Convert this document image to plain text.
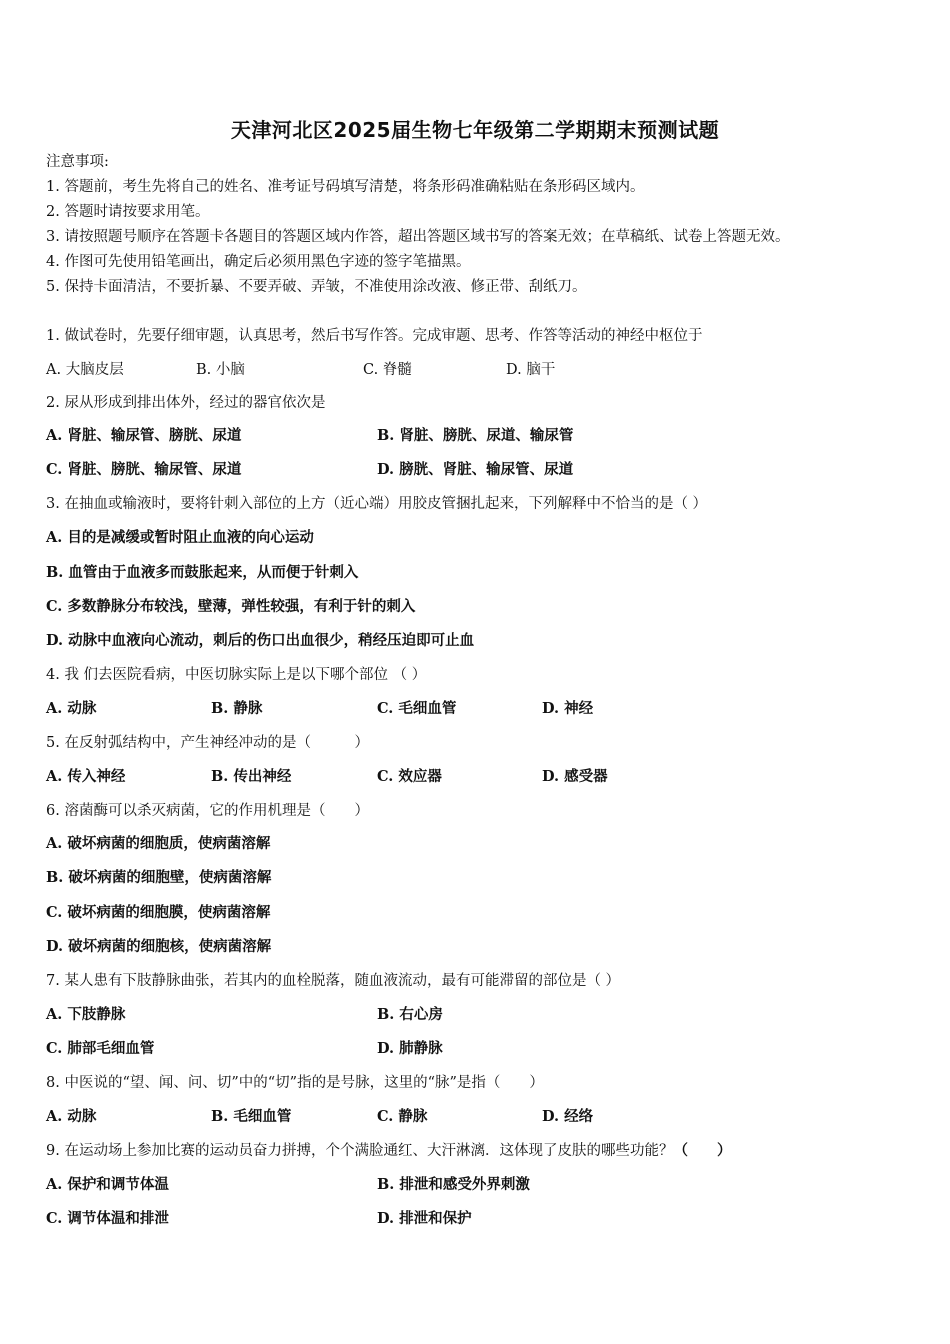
天津河北区2025届生物七年级第二学期期末预测试题
注意事项:
1. 答题前，考生先将自己的姓名、准考证号码填写清楚，将条形码准确粘贴在条形码区域内。
2. 答题时请按要求用笔。
3. 请按照题号顺序在答题卡各题目的答题区域内作答，超出答题区域书写的答案无效；在草稿纸、试卷上答题无效。
4. 作图可先使用铅笔画出，确定后必须用黑色字迹的签字笔描黑。
5. 保持卡面清洁，不要折暴、不要弄破、弄皱，不准使用涂改液、修正带、刮纸刀。
1. 做试卷时，先要仔细审题，认真思考，然后书写作答。完成审题、思考、作答等活动的神经中枢位于
A. 大脑皮层	B. 小脑	C. 脊髓	D. 脑干
2. 尿从形成到排出体外，经过的器官依次是
A. 肾脏、输尿管、膀胱、尿道	B. 肾脏、膀胱、尿道、输尿管
C. 肾脏、膀胱、输尿管、尿道	D. 膀胱、肾脏、输尿管、尿道
3. 在抽血或输液时，要将针刺入部位的上方（近心端）用胶皮管捆扎起来，下列解释中不恰当的是（ ）
A. 目的是减缓或暂时阻止血液的向心运动
B. 血管由于血液多而鼓胀起来，从而便于针刺入
C. 多数静脉分布较浅，壁薄，弹性较强，有利于针的刺入
D. 动脉中血液向心流动，刺后的伤口出血很少，稍经压迫即可止血
4. 我 们去医院看病，中医切脉实际上是以下哪个部位 （ ）
A. 动脉	B. 静脉	C. 毛细血管	D. 神经
5. 在反射弧结构中，产生神经冲动的是（　　　）
A. 传入神经	B. 传出神经	C. 效应器	D. 感受器
6. 溶菌酶可以杀灭病菌，它的作用机理是（　　）
A. 破坏病菌的细胞质，使病菌溶解
B. 破坏病菌的细胞壁，使病菌溶解
C. 破坏病菌的细胞膜，使病菌溶解
D. 破坏病菌的细胞核，使病菌溶解
7. 某人患有下肢静脉曲张，若其内的血栓脱落，随血液流动，最有可能滞留的部位是（ ）
A. 下肢静脉	B. 右心房
C. 肺部毛细血管	D. 肺静脉
8. 中医说的“望、闻、问、切”中的“切”指的是号脉，这里的“脉”是指（　　）
A. 动脉	B. 毛细血管	C. 静脉	D. 经络
9. 在运动场上参加比赛的运动员奋力拼搏，个个满脸通红、大汗淋漓．这体现了皮肤的哪些功能？（　　）
A. 保护和调节体温	B. 排泄和感受外界刺激
C. 调节体温和排泄	D. 排泄和保护
